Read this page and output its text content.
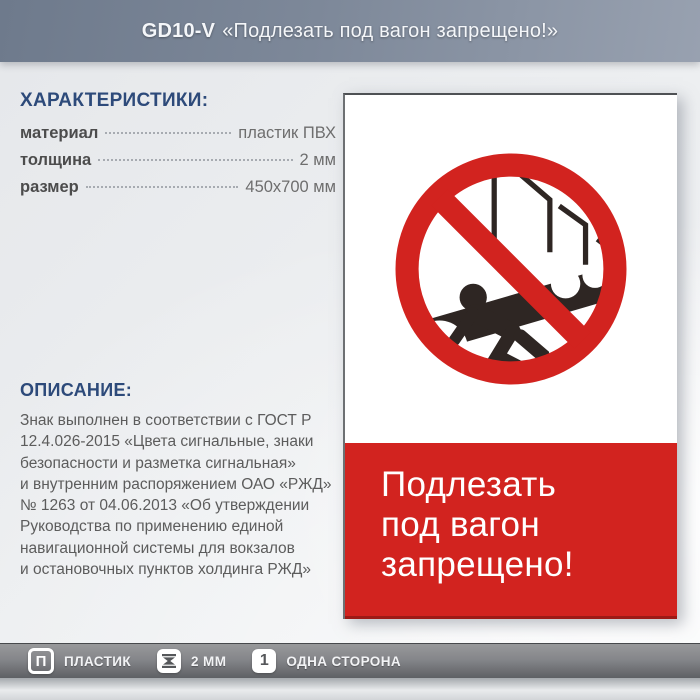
GD10-V «Подлезать под вагон запрещено!»
ХАРАКТЕРИСТИКИ:
материал	пластик ПВХ
толщина	2 мм
размер	450х700 мм
ОПИСАНИЕ:
Знак выполнен в соответствии с ГОСТ Р
12.4.026-2015 «Цвета сигнальные, знаки
безопасности и разметка сигнальная»
и внутренним распоряжением ОАО «РЖД»
№ 1263 от 04.06.2013 «Об утверждении
Руководства по применению единой
навигационной системы для вокзалов
и остановочных пунктов холдинга РЖД»
Подлезать
под вагон
запрещено!
П ПЛАСТИК	2 ММ 1 ОДНА СТОРОНА
